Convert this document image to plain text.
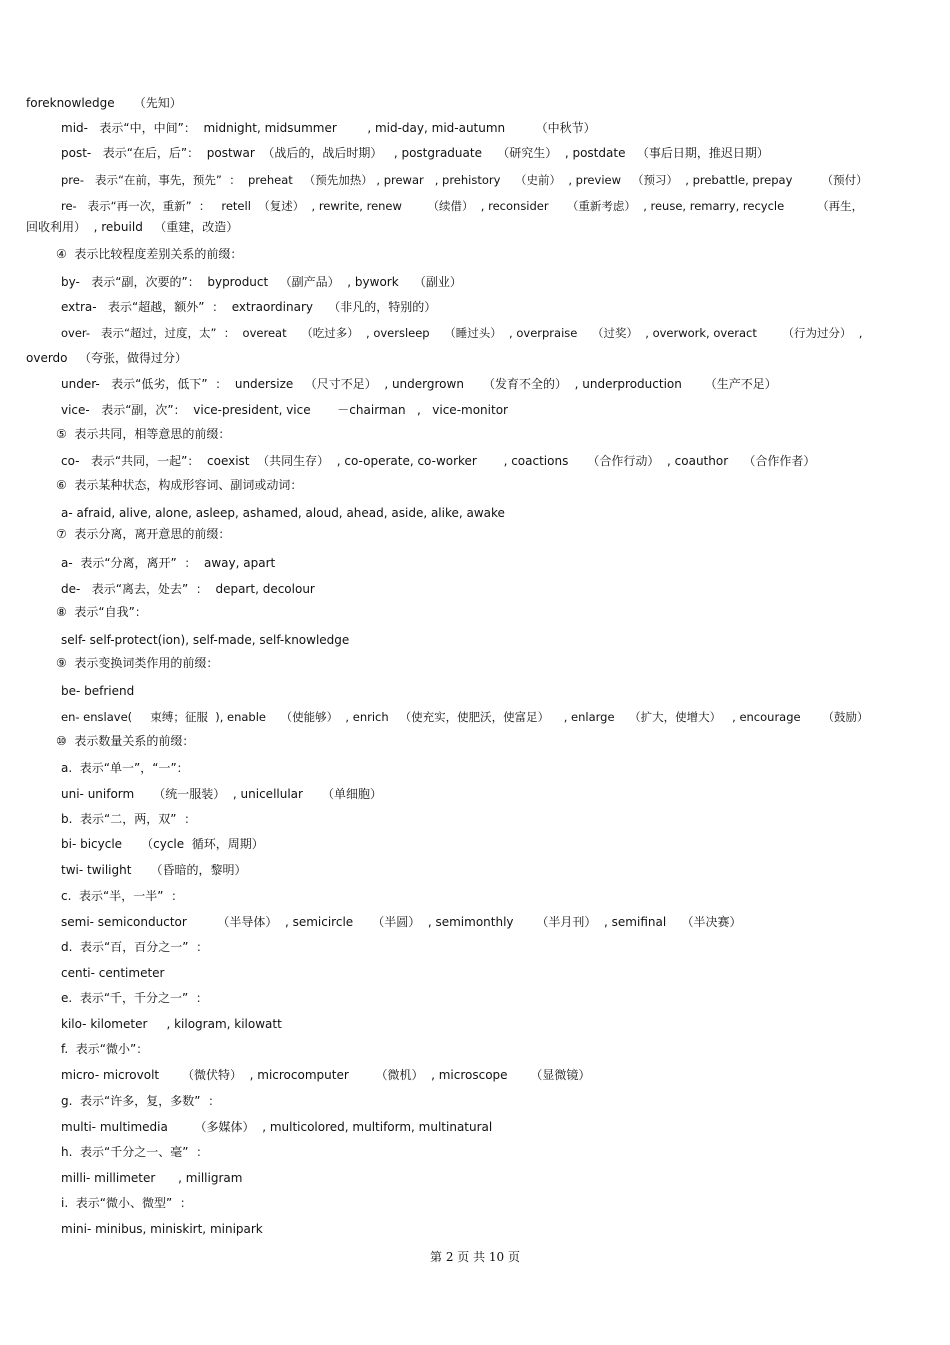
foreknowledge     （先知）
mid-   表示“中，中间”：  midnight, midsummer        , mid-day, mid-autumn        （中秋节）
post-   表示“在后，后”：  postwar  （战后的，战后时期）   , postgraduate    （研究生）  , postdate   （事后日期，推迟日期）
pre-   表示“在前，事先，预先”  ：  preheat   （预先加热） , prewar   , prehistory    （史前）  , preview   （预习）  , prebattle, prepay        （预付）
re-   表示“再一次，重新”  ：   retell  （复述）  , rewrite, renew       （续借）  , reconsider     （重新考虑）  , reuse, remarry, recycle         （再生，
回收利用）  , rebuild   （重建，改造）
④  表示比较程度差别关系的前缀：
by-   表示“副，次要的”：  byproduct   （副产品）  , bywork    （副业）
extra-   表示“超越，额外”  ：  extraordinary    （非凡的，特别的）
over-   表示“超过，过度，太”  ：  overeat    （吃过多）  , oversleep    （睡过头）  , overpraise    （过奖）  , overwork, overact       （行为过分）  ,
overdo   （夸张，做得过分）
under-   表示“低劣，低下”  ：  undersize   （尺寸不足）  , undergrown     （发育不全的）  , underproduction      （生产不足）
vice-   表示“副，次”：  vice-president, vice       －chairman   ,   vice-monitor
⑤  表示共同，相等意思的前缀：
co-   表示“共同，一起”：  coexist  （共同生存）  , co-operate, co-worker       , coactions     （合作行动）  , coauthor    （合作作者）
⑥  表示某种状态，构成形容词、副词或动词：
a- afraid, alive, alone, asleep, ashamed, aloud, ahead, aside, alike, awake
⑦  表示分离，离开意思的前缀：
a-  表示“分离，离开”  ：  away, apart
de-   表示“离去，处去”  ：  depart, decolour
⑧  表示“自我”：
self- self-protect(ion), self-made, self-knowledge
⑨  表示变换词类作用的前缀：
be- befriend
en- enslave(     束缚；征服  ), enable    （使能够）  , enrich   （使充实，使肥沃，使富足）    , enlarge    （扩大，使增大）   , encourage      （鼓励）
⑩  表示数量关系的前缀：
a.  表示“单一”，“一”：
uni- uniform     （统一服装）  , unicellular     （单细胞）
b.  表示“二，两，双”  ：
bi- bicycle     （cycle  循环，周期）
twi- twilight     （昏暗的，黎明）
c.  表示“半，一半”  ：
semi- semiconductor        （半导体）  , semicircle     （半圆）  , semimonthly      （半月刊）  , semifinal    （半决赛）
d.  表示“百，百分之一”  ：
centi- centimeter
e.  表示“千，千分之一”  ：
kilo- kilometer     , kilogram, kilowatt
f.  表示“微小”：
micro- microvolt      （微伏特）  , microcomputer       （微机）  , microscope      （显微镜）
g.  表示“许多，复，多数”  ：
multi- multimedia       （多媒体）  , multicolored, multiform, multinatural
h.  表示“千分之一、毫”  ：
milli- millimeter      , milligram
i.  表示“微小、微型”  ：
mini- minibus, miniskirt, minipark
第 2 页 共 10 页
